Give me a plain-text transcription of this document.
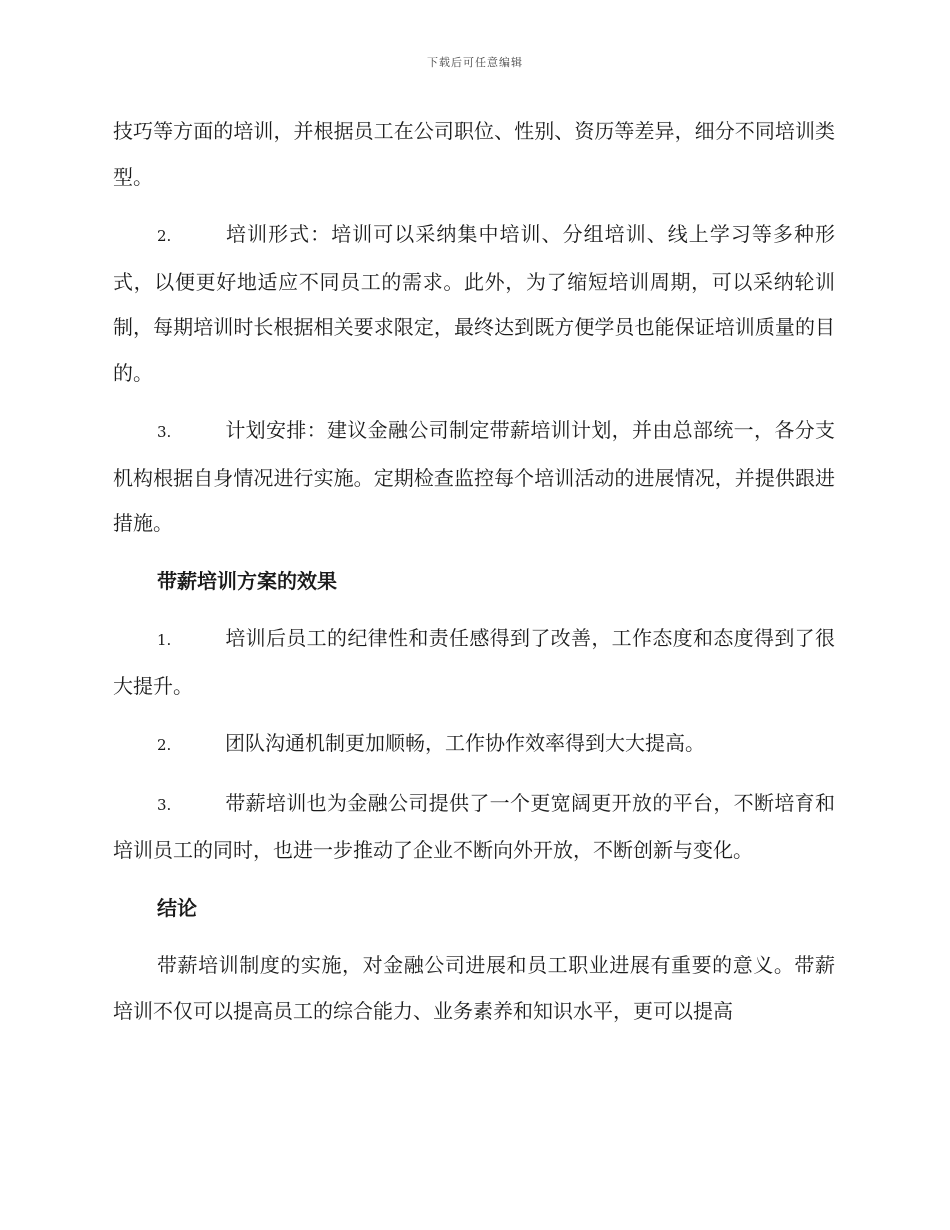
下载后可任意编辑

技巧等方面的培训，并根据员工在公司职位、性别、资历等差异，细分不同培训类型。

2.	培训形式：培训可以采纳集中培训、分组培训、线上学习等多种形式，以便更好地适应不同员工的需求。此外，为了缩短培训周期，可以采纳轮训制，每期培训时长根据相关要求限定，最终达到既方便学员也能保证培训质量的目的。

3.	计划安排：建议金融公司制定带薪培训计划，并由总部统一，各分支机构根据自身情况进行实施。定期检查监控每个培训活动的进展情况，并提供跟进措施。

带薪培训方案的效果

1.	培训后员工的纪律性和责任感得到了改善，工作态度和态度得到了很大提升。

2.	团队沟通机制更加顺畅，工作协作效率得到大大提高。

3.	带薪培训也为金融公司提供了一个更宽阔更开放的平台，不断培育和培训员工的同时，也进一步推动了企业不断向外开放，不断创新与变化。

结论

带薪培训制度的实施，对金融公司进展和员工职业进展有重要的意义。带薪培训不仅可以提高员工的综合能力、业务素养和知识水平，更可以提高
